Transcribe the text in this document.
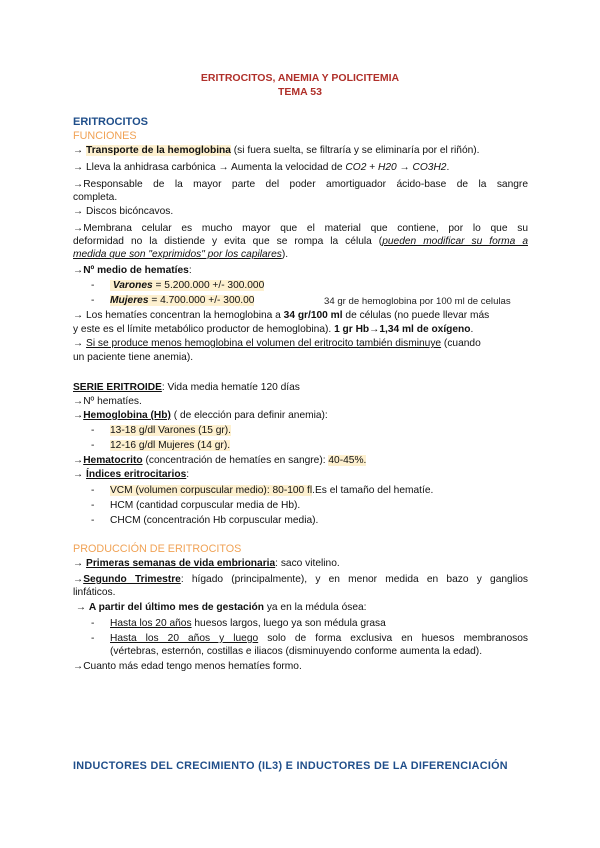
ERITROCITOS, ANEMIA Y POLICITEMIA
TEMA 53
ERITROCITOS
FUNCIONES
→ Transporte de la hemoglobina (si fuera suelta, se filtraría y se eliminaría por el riñón).
→ Lleva la anhidrasa carbónica → Aumenta la velocidad de CO2 + H20 → CO3H2.
→Responsable de la mayor parte del poder amortiguador ácido-base de la sangre
completa.
→ Discos bicóncavos.
→Membrana celular es mucho mayor que el material que contiene, por lo que su
deformidad no la distiende y evita que se rompa la célula (pueden modificar su forma a
medida que son "exprimidos" por los capilares).
→Nº medio de hematíes:
- Varones = 5.200.000 +/- 300.000
- Mujeres = 4.700.000 +/- 300.00	34 gr de hemoglobina por 100 ml de celulas
→ Los hematíes concentran la hemoglobina a 34 gr/100 ml de células (no puede llevar más
y este es el límite metabólico productor de hemoglobina). 1 gr Hb→1,34 ml de oxígeno.
→ Si se produce menos hemoglobina el volumen del eritrocito también disminuye (cuando
un paciente tiene anemia).
SERIE ERITROIDE: Vida media hematíe 120 días
→Nº hematíes.
→Hemoglobina (Hb) ( de elección para definir anemia):
- 13-18 g/dl Varones (15 gr).
- 12-16 g/dl Mujeres (14 gr).
→Hematocrito (concentración de hematíes en sangre): 40-45%.
→ Índices eritrocitarios:
- VCM (volumen corpuscular medio): 80-100 fl.Es el tamaño del hematíe.
- HCM (cantidad corpuscular media de Hb).
- CHCM (concentración Hb corpuscular media).
PRODUCCIÓN DE ERITROCITOS
→ Primeras semanas de vida embrionaria: saco vitelino.
→Segundo Trimestre: hígado (principalmente), y en menor medida en bazo y ganglios
linfáticos.
→ A partir del último mes de gestación ya en la médula ósea:
- Hasta los 20 años huesos largos, luego ya son médula grasa
- Hasta los 20 años y luego solo de forma exclusiva en huesos membranosos
(vértebras, esternón, costillas e iliacos (disminuyendo conforme aumenta la edad).
→Cuanto más edad tengo menos hematíes formo.
INDUCTORES DEL CRECIMIENTO (IL3) E INDUCTORES DE LA DIFERENCIACIÓN
